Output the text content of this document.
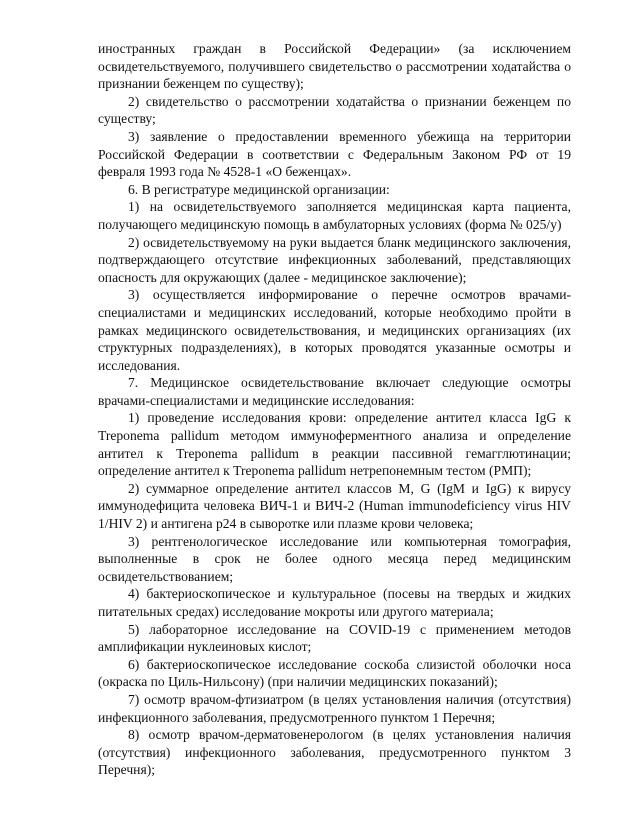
иностранных граждан в Российской Федерации» (за исключением освидетельствуемого, получившего свидетельство о рассмотрении ходатайства о признании беженцем по существу);

2) свидетельство о рассмотрении ходатайства о признании беженцем по существу;

3) заявление о предоставлении временного убежища на территории Российской Федерации в соответствии с Федеральным Законом РФ от 19 февраля 1993 года № 4528-1 «О беженцах».

6. В регистратуре медицинской организации:

1) на освидетельствуемого заполняется медицинская карта пациента, получающего медицинскую помощь в амбулаторных условиях (форма № 025/у)

2) освидетельствуемому на руки выдается бланк медицинского заключения, подтверждающего отсутствие инфекционных заболеваний, представляющих опасность для окружающих (далее - медицинское заключение);

3) осуществляется информирование о перечне осмотров врачами-специалистами и медицинских исследований, которые необходимо пройти в рамках медицинского освидетельствования, и медицинских организациях (их структурных подразделениях), в которых проводятся указанные осмотры и исследования.

7. Медицинское освидетельствование включает следующие осмотры врачами-специалистами и медицинские исследования:

1) проведение исследования крови: определение антител класса IgG к Treponema pallidum методом иммуноферментного анализа и определение антител к Treponema pallidum в реакции пассивной гемагглютинации; определение антител к Treponema pallidum нетрепонемным тестом (РМП);

2) суммарное определение антител классов М, G (IgM и IgG) к вирусу иммунодефицита человека ВИЧ-1 и ВИЧ-2 (Human immunodeficiency virus HIV 1/HIV 2) и антигена р24 в сыворотке или плазме крови человека;

3) рентгенологическое исследование или компьютерная томография, выполненные в срок не более одного месяца перед медицинским освидетельствованием;

4) бактериоскопическое и культуральное (посевы на твердых и жидких питательных средах) исследование мокроты или другого материала;

5) лабораторное исследование на COVID-19 с применением методов амплификации нуклеиновых кислот;

6) бактериоскопическое исследование соскоба слизистой оболочки носа (окраска по Циль-Нильсону) (при наличии медицинских показаний);

7) осмотр врачом-фтизиатром (в целях установления наличия (отсутствия) инфекционного заболевания, предусмотренного пунктом 1 Перечня;

8) осмотр врачом-дерматовенерологом (в целях установления наличия (отсутствия) инфекционного заболевания, предусмотренного пунктом 3 Перечня);
